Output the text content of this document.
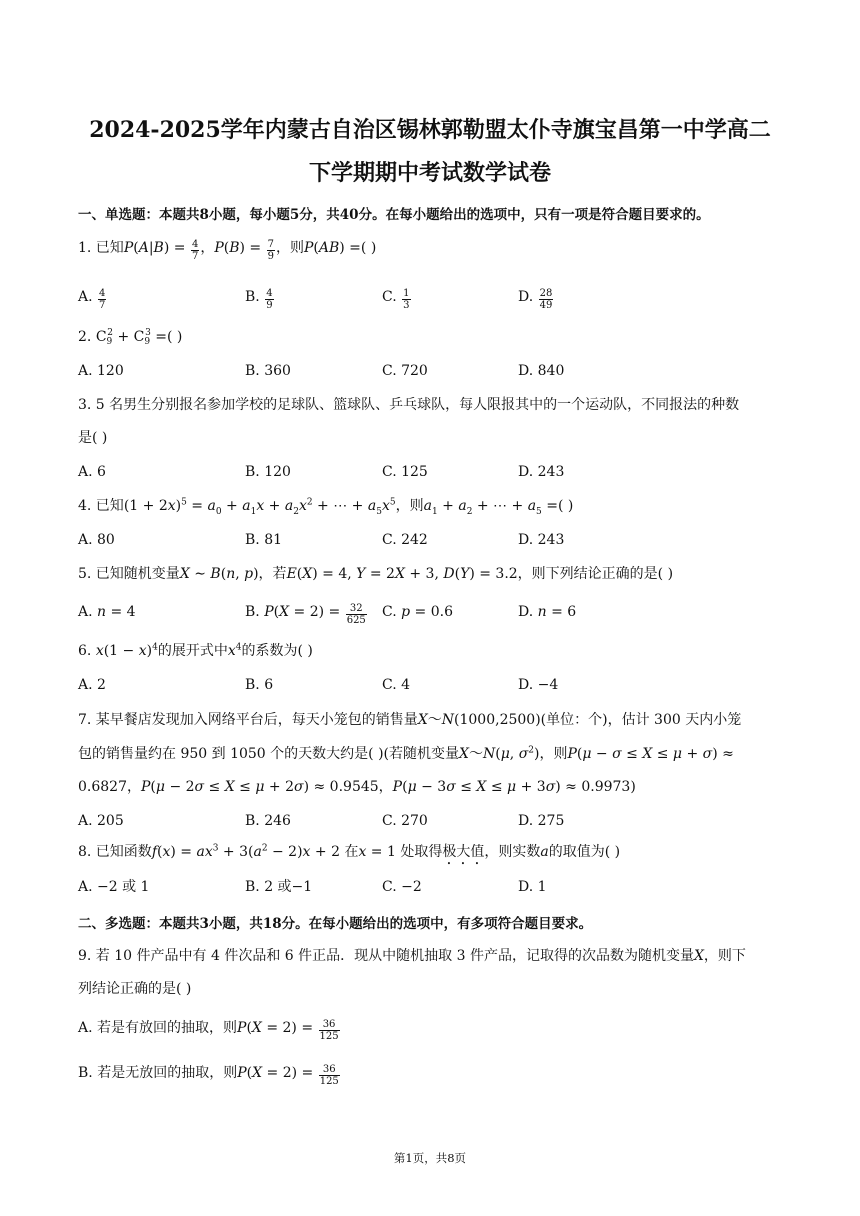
2024-2025学年内蒙古自治区锡林郭勒盟太仆寺旗宝昌第一中学高二
下学期期中考试数学试卷
一、单选题：本题共8小题，每小题5分，共40分。在每小题给出的选项中，只有一项是符合题目要求的。
1. 已知$P(A|B) = \frac{4}{7}$ ，$P(B) = \frac{7}{9}$ ，则P(AB) =( )
A. $\frac{4}{7}$	B. $\frac{4}{9}$	C. $\frac{1}{3}$	D. $\frac{28}{49}$
2. $C_9^2 + C_9^3$ =( )
A. 120	B. 360	C. 720	D. 840
3. 5 名男生分别报名参加学校的足球队、篮球队、乒乓球队，每人限报其中的一个运动队，不同报法的种数
是( )
A. 6	B. 120	C. 125	D. 243
4. 已知$(1 + 2x)^5 = a_0 + a_1x + a_2x^2$ + ⋯ + $a_5x^5$，则$a_1 + a_2$ + ⋯ + $a_5$ =( )
A. 80	B. 81	C. 242	D. 243
5. 已知随机变量X ∼ B(n, p)，若E(X) = 4, Y = 2X + 3, D(Y) = 3.2，则下列结论正确的是( )
A. n = 4	B. $P(X = 2) = \frac{32}{625} C$. p = 0.6	D. n = 6
6. $x(1 - x)^4$的展开式中$x^4$的系数为( )
A. 2	B. 6	C. 4	D. −4
7. 某早餐店发现加入网络平台后，每天小笼包的销售量X～N(1000,2500)(单位：个)，估计 300 天内小笼
包的销售量约在 950 到 1050 个的天数大约是( )(若随机变量X～N(μ, $\sigma^2$)，则P(μ − σ ≤ X ≤ μ + σ) ≈
0.6827，P(μ − 2σ ≤ X ≤ μ + 2σ) ≈ 0.9545，P(μ − 3σ ≤ X ≤ μ + 3σ) ≈ 0.9973)
A. 205	B. 246	C. 270	D. 275
8. 已知函数$f(x) = ax^3 + 3(a^2 - 2)x + 2$ 在x = 1 处取得极大值，则实数a的取值为( )
A. −2 或 1	B. 2 或−1	C. −2	D. 1
二、多选题：本题共3小题，共18分。在每小题给出的选项中，有多项符合题目要求。
9. 若 10 件产品中有 4 件次品和 6 件正品．现从中随机抽取 3 件产品，记取得的次品数为随机变量X，则下
列结论正确的是( )
A. 若是有放回的抽取，则$P(X = 2) = \frac{36}{125}$
B. 若是无放回的抽取，则$P(X = 2) = \frac{36}{125}$
第1页，共8页
